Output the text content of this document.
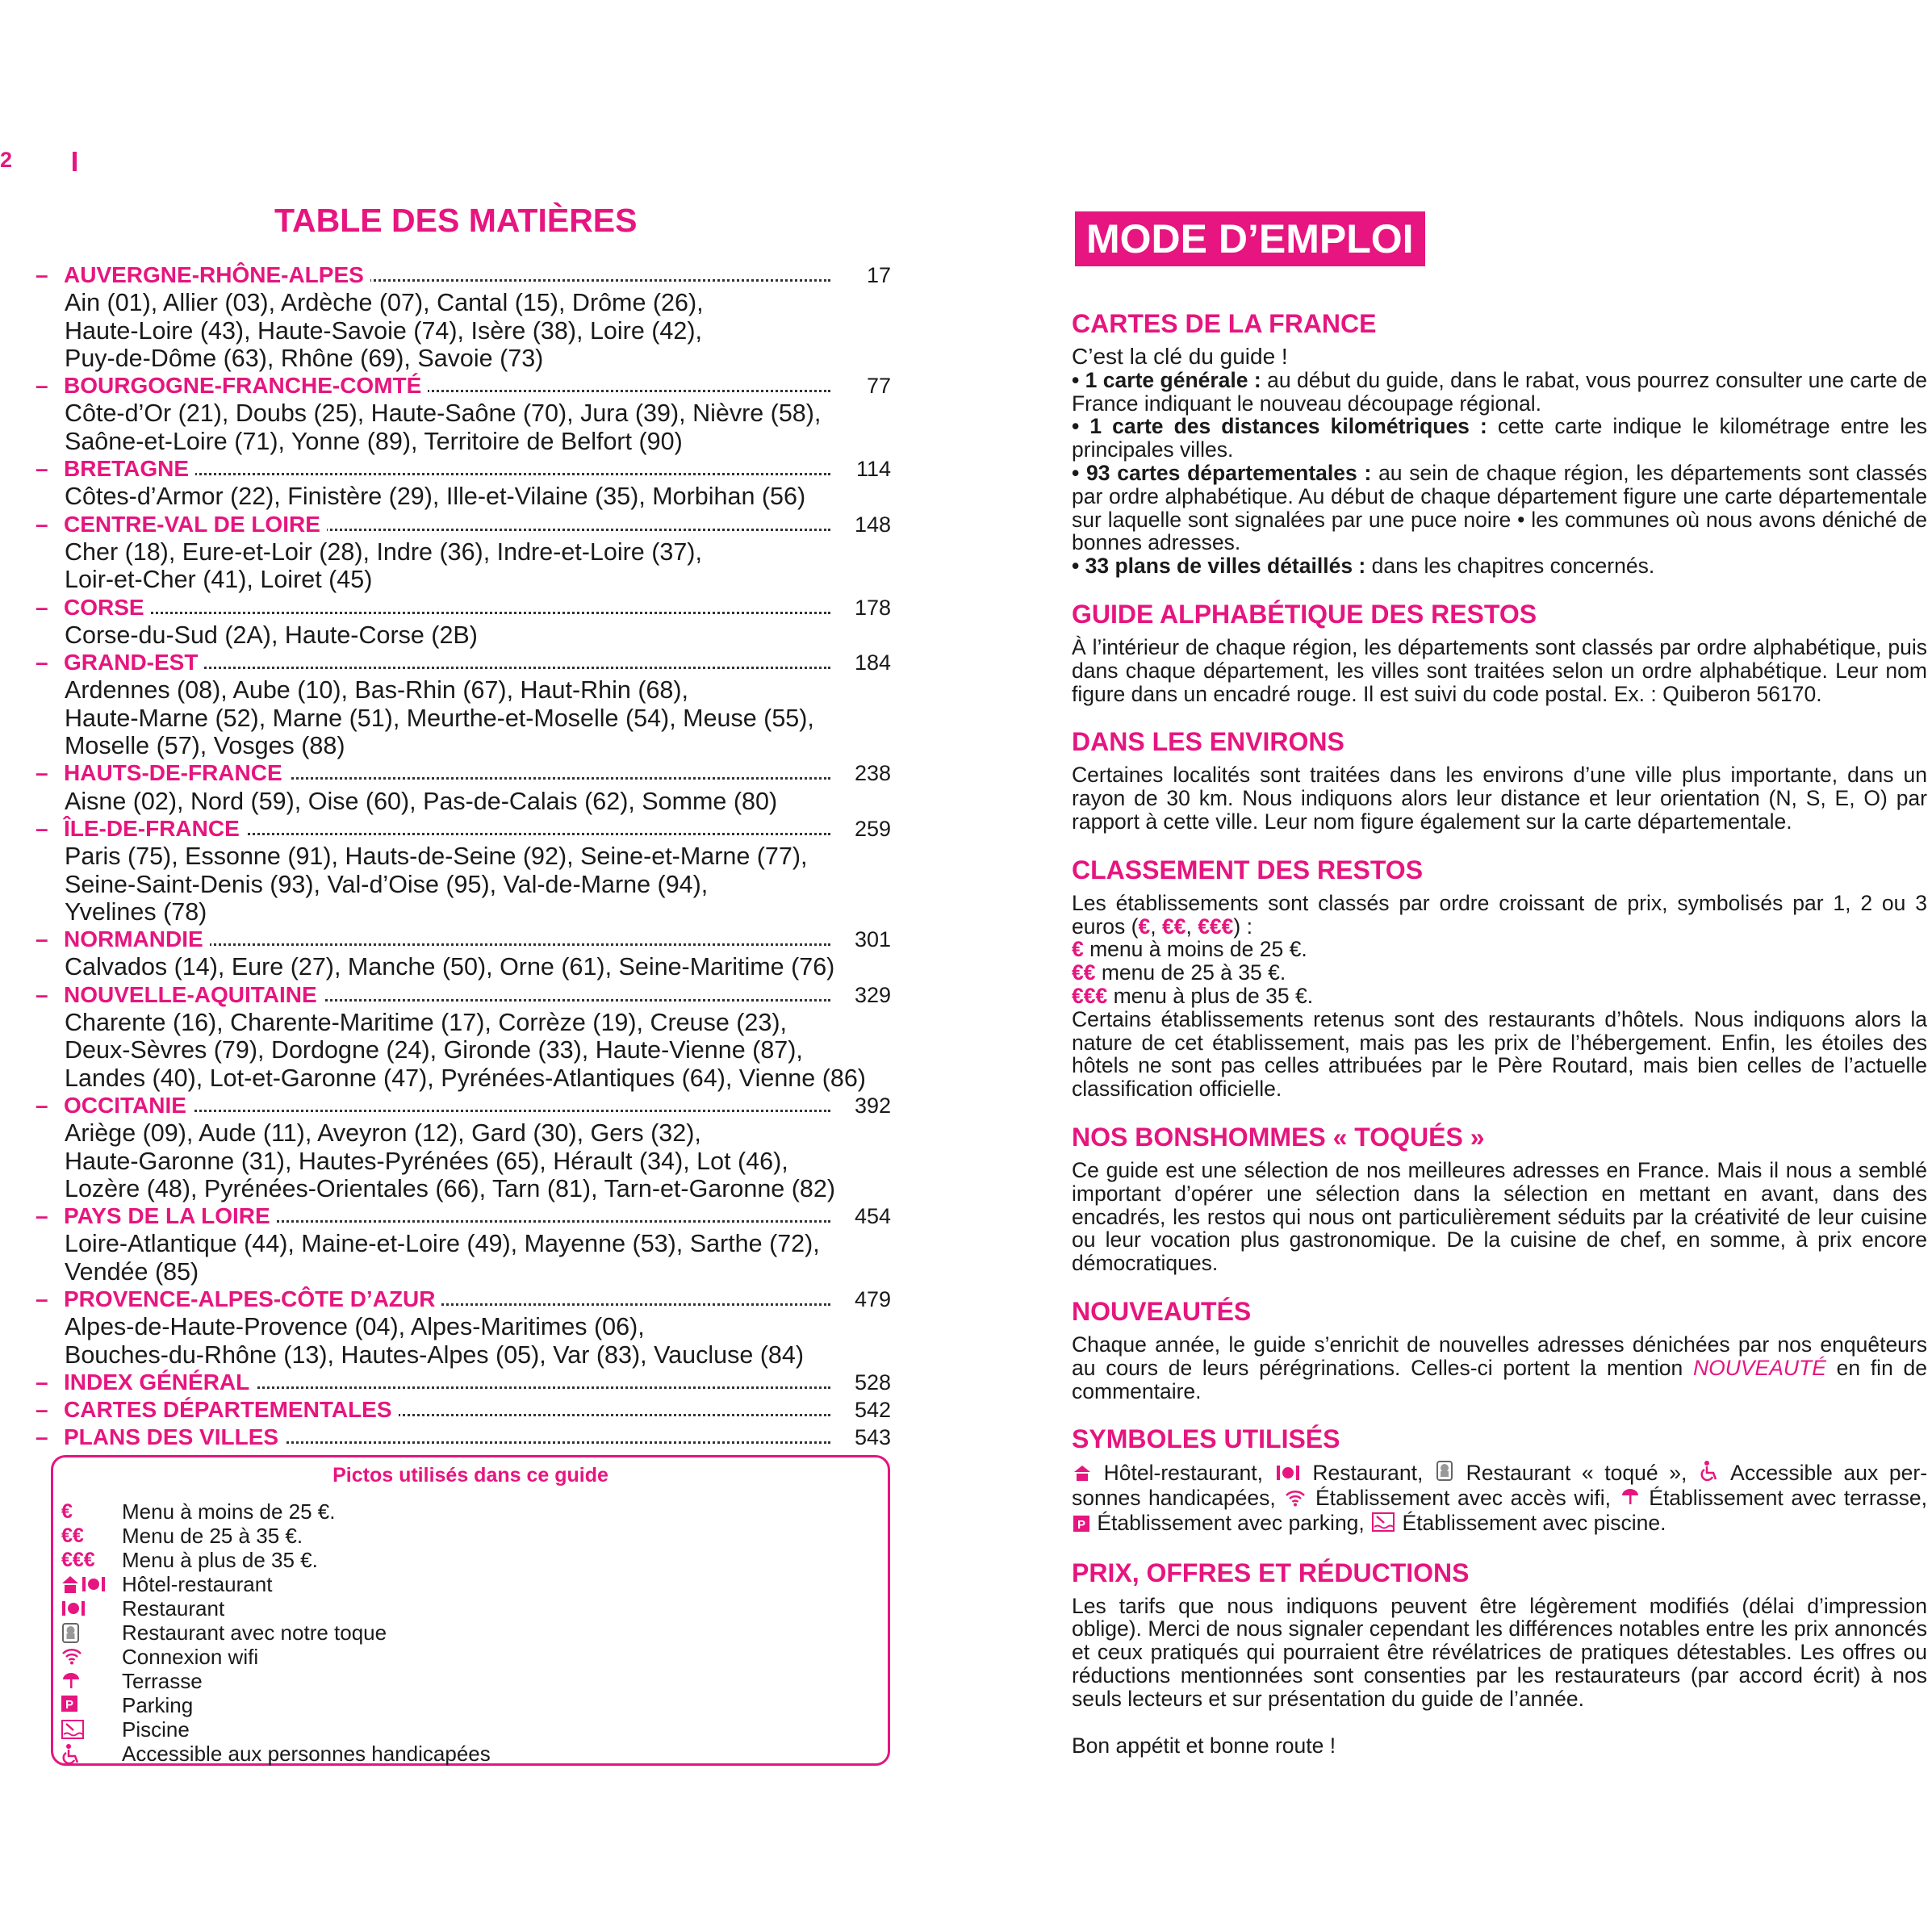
2
TABLE DES MATIÈRES
– AUVERGNE-RHÔNE-ALPES	17
Ain (01), Allier (03), Ardèche (07), Cantal (15), Drôme (26),
Haute-Loire (43), Haute-Savoie (74), Isère (38), Loire (42),
Puy-de-Dôme (63), Rhône (69), Savoie (73)
– BOURGOGNE-FRANCHE-COMTÉ	77
Côte-d’Or (21), Doubs (25), Haute-Saône (70), Jura (39), Nièvre (58),
Saône-et-Loire (71), Yonne (89), Territoire de Belfort (90)
– BRETAGNE	114
Côtes-d’Armor (22), Finistère (29), Ille-et-Vilaine (35), Morbihan (56)
– CENTRE-VAL DE LOIRE	148
Cher (18), Eure-et-Loir (28), Indre (36), Indre-et-Loire (37),
Loir-et-Cher (41), Loiret (45)
– CORSE	178
Corse-du-Sud (2A), Haute-Corse (2B)
– GRAND-EST	184
Ardennes (08), Aube (10), Bas-Rhin (67), Haut-Rhin (68),
Haute-Marne (52), Marne (51), Meurthe-et-Moselle (54), Meuse (55),
Moselle (57), Vosges (88)
– HAUTS-DE-FRANCE	238
Aisne (02), Nord (59), Oise (60), Pas-de-Calais (62), Somme (80)
– ÎLE-DE-FRANCE	259
Paris (75), Essonne (91), Hauts-de-Seine (92), Seine-et-Marne (77),
Seine-Saint-Denis (93), Val-d’Oise (95), Val-de-Marne (94),
Yvelines (78)
– NORMANDIE	301
Calvados (14), Eure (27), Manche (50), Orne (61), Seine-Maritime (76)
– NOUVELLE-AQUITAINE	329
Charente (16), Charente-Maritime (17), Corrèze (19), Creuse (23),
Deux-Sèvres (79), Dordogne (24), Gironde (33), Haute-Vienne (87),
Landes (40), Lot-et-Garonne (47), Pyrénées-Atlantiques (64), Vienne (86)
– OCCITANIE	392
Ariège (09), Aude (11), Aveyron (12), Gard (30), Gers (32),
Haute-Garonne (31), Hautes-Pyrénées (65), Hérault (34), Lot (46),
Lozère (48), Pyrénées-Orientales (66), Tarn (81), Tarn-et-Garonne (82)
– PAYS DE LA LOIRE	454
Loire-Atlantique (44), Maine-et-Loire (49), Mayenne (53), Sarthe (72),
Vendée (85)
– PROVENCE-ALPES-CÔTE D’AZUR	479
Alpes-de-Haute-Provence (04), Alpes-Maritimes (06),
Bouches-du-Rhône (13), Hautes-Alpes (05), Var (83), Vaucluse (84)
– INDEX GÉNÉRAL	528
– CARTES DÉPARTEMENTALES	542
– PLANS DES VILLES	543
Pictos utilisés dans ce guide
€	Menu à moins de 25 €.
€€	Menu de 25 à 35 €.
€€€	Menu à plus de 35 €.
Hôtel-restaurant
Restaurant
Restaurant avec notre toque
Connexion wifi
Terrasse
P Parking
Piscine
Accessible aux personnes handicapées
MODE D’EMPLOI
CARTES DE LA FRANCE
C’est la clé du guide !
• 1 carte générale : au début du guide, dans le rabat, vous pourrez consulter une carte de France indiquant le nouveau découpage régional.
• 1 carte des distances kilométriques : cette carte indique le kilométrage entre les principales villes.
• 93 cartes départementales : au sein de chaque région, les départements sont classés par ordre alphabétique. Au début de chaque département figure une carte départementale sur laquelle sont signalées par une puce noire • les communes où nous avons déniché de bonnes adresses.
• 33 plans de villes détaillés : dans les chapitres concernés.
GUIDE ALPHABÉTIQUE DES RESTOS
À l’intérieur de chaque région, les départements sont classés par ordre alphabétique, puis dans chaque département, les villes sont traitées selon un ordre alphabétique. Leur nom figure dans un encadré rouge. Il est suivi du code postal. Ex. : Quiberon 56170.
DANS LES ENVIRONS
Certaines localités sont traitées dans les environs d’une ville plus importante, dans un rayon de 30 km. Nous indiquons alors leur distance et leur orientation (N, S, E, O) par rapport à cette ville. Leur nom figure également sur la carte départementale.
CLASSEMENT DES RESTOS
Les établissements sont classés par ordre croissant de prix, symbolisés par 1, 2 ou 3 euros (€, €€, €€€) :
€ menu à moins de 25 €.
€€ menu de 25 à 35 €.
€€€ menu à plus de 35 €.
Certains établissements retenus sont des restaurants d’hôtels. Nous indiquons alors la nature de cet établissement, mais pas les prix de l’hébergement. Enfin, les étoiles des hôtels ne sont pas celles attribuées par le Père Routard, mais bien celles de l’actuelle classification officielle.
NOS BONSHOMMES « TOQUÉS »
Ce guide est une sélection de nos meilleures adresses en France. Mais il nous a semblé important d’opérer une sélection dans la sélection en mettant en avant, dans des encadrés, les restos qui nous ont particulièrement séduits par la créativité de leur cuisine ou leur vocation plus gastronomique. De la cuisine de chef, en somme, à prix encore démocratiques.
NOUVEAUTÉS
Chaque année, le guide s’enrichit de nouvelles adresses dénichées par nos enquêteurs au cours de leurs pérégrinations. Celles-ci portent la mention NOUVEAUTÉ en fin de commentaire.
SYMBOLES UTILISÉS
Hôtel-restaurant,  Restaurant,  Restaurant « toqué »,  Accessible aux personnes handicapées,  Établissement avec accès wifi,  Établissement avec terrasse,
P Établissement avec parking,  Établissement avec piscine.
PRIX, OFFRES ET RÉDUCTIONS
Les tarifs que nous indiquons peuvent être légèrement modifiés (délai d’impression oblige). Merci de nous signaler cependant les différences notables entre les prix annoncés et ceux pratiqués qui pourraient être révélatrices de pratiques détestables. Les offres ou réductions mentionnées sont consenties par les restaurateurs (par accord écrit) à nos seuls lecteurs et sur présentation du guide de l’année.
Bon appétit et bonne route !
